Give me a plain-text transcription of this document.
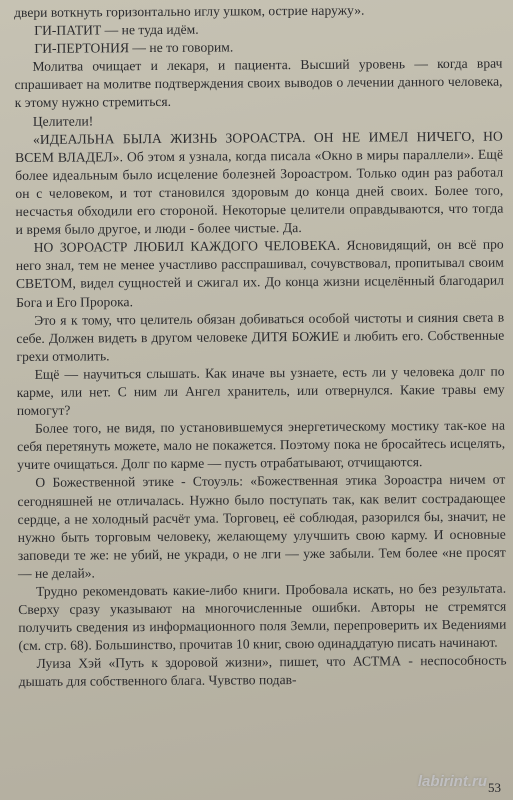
двери воткнуть горизонтально иглу ушком, острие наружу».

ГИ-ПАТИТ — не туда идём.

ГИ-ПЕРТОНИЯ — не то говорим.

Молитва очищает и лекаря, и пациента. Высший уровень — когда врач спрашивает на молитве подтверждения своих выводов о лечении данного человека, к этому нужно стремиться.

Целители!

«ИДЕАЛЬНА БЫЛА ЖИЗНЬ ЗОРОАСТРА. ОН НЕ ИМЕЛ НИЧЕГО, НО ВСЕМ ВЛАДЕЛ». Об этом я узнала, когда писала «Окно в миры параллели». Ещё более идеальным было исцеление болезней Зороастром. Только один раз работал он с человеком, и тот становился здоровым до конца дней своих. Более того, несчастья обходили его стороной. Некоторые целители оправдываются, что тогда и время было другое, и люди - более чистые. Да.

НО ЗОРОАСТР ЛЮБИЛ КАЖДОГО ЧЕЛОВЕКА. Ясновидящий, он всё про него знал, тем не менее участливо расспрашивал, сочувствовал, пропитывал своим СВЕТОМ, видел сущностей и сжигал их. До конца жизни исцелённый благодарил Бога и Его Пророка.

Это я к тому, что целитель обязан добиваться особой чистоты и сияния света в себе. Должен видеть в другом человеке ДИТЯ БОЖИЕ и любить его. Собственные грехи отмолить.

Ещё — научиться слышать. Как иначе вы узнаете, есть ли у человека долг по карме, или нет. С ним ли Ангел хранитель, или отвернулся. Какие травы ему помогут?

Более того, не видя, по установившемуся энергетическому мостику так-кое на себя перетянуть можете, мало не покажется. Поэтому пока не бросайтесь исцелять, учите очищаться. Долг по карме — пусть отрабатывают, отчищаются.

О Божественной этике - Стоуэль: «Божественная этика Зороастра ничем от сегодняшней не отличалась. Нужно было поступать так, как велит сострадающее сердце, а не холодный расчёт ума. Торговец, её соблюдая, разорился бы, значит, не нужно быть торговым человеку, желающему улучшить свою карму. И основные заповеди те же: не убий, не укради, о не лги — уже забыли. Тем более «не просят — не делай».

Трудно рекомендовать какие-либо книги. Пробовала искать, но без результата. Сверху сразу указывают на многочисленные ошибки. Авторы не стремятся получить сведения из информационного поля Земли, перепроверить их Ведениями (см. стр. 68). Большинство, прочитав 10 книг, свою одинаддатую писать начинают.

Луиза Хэй «Путь к здоровой жизни», пишет, что АСТМА - неспособность дышать для собственного блага. Чувство подав-

labirint.ru 53
